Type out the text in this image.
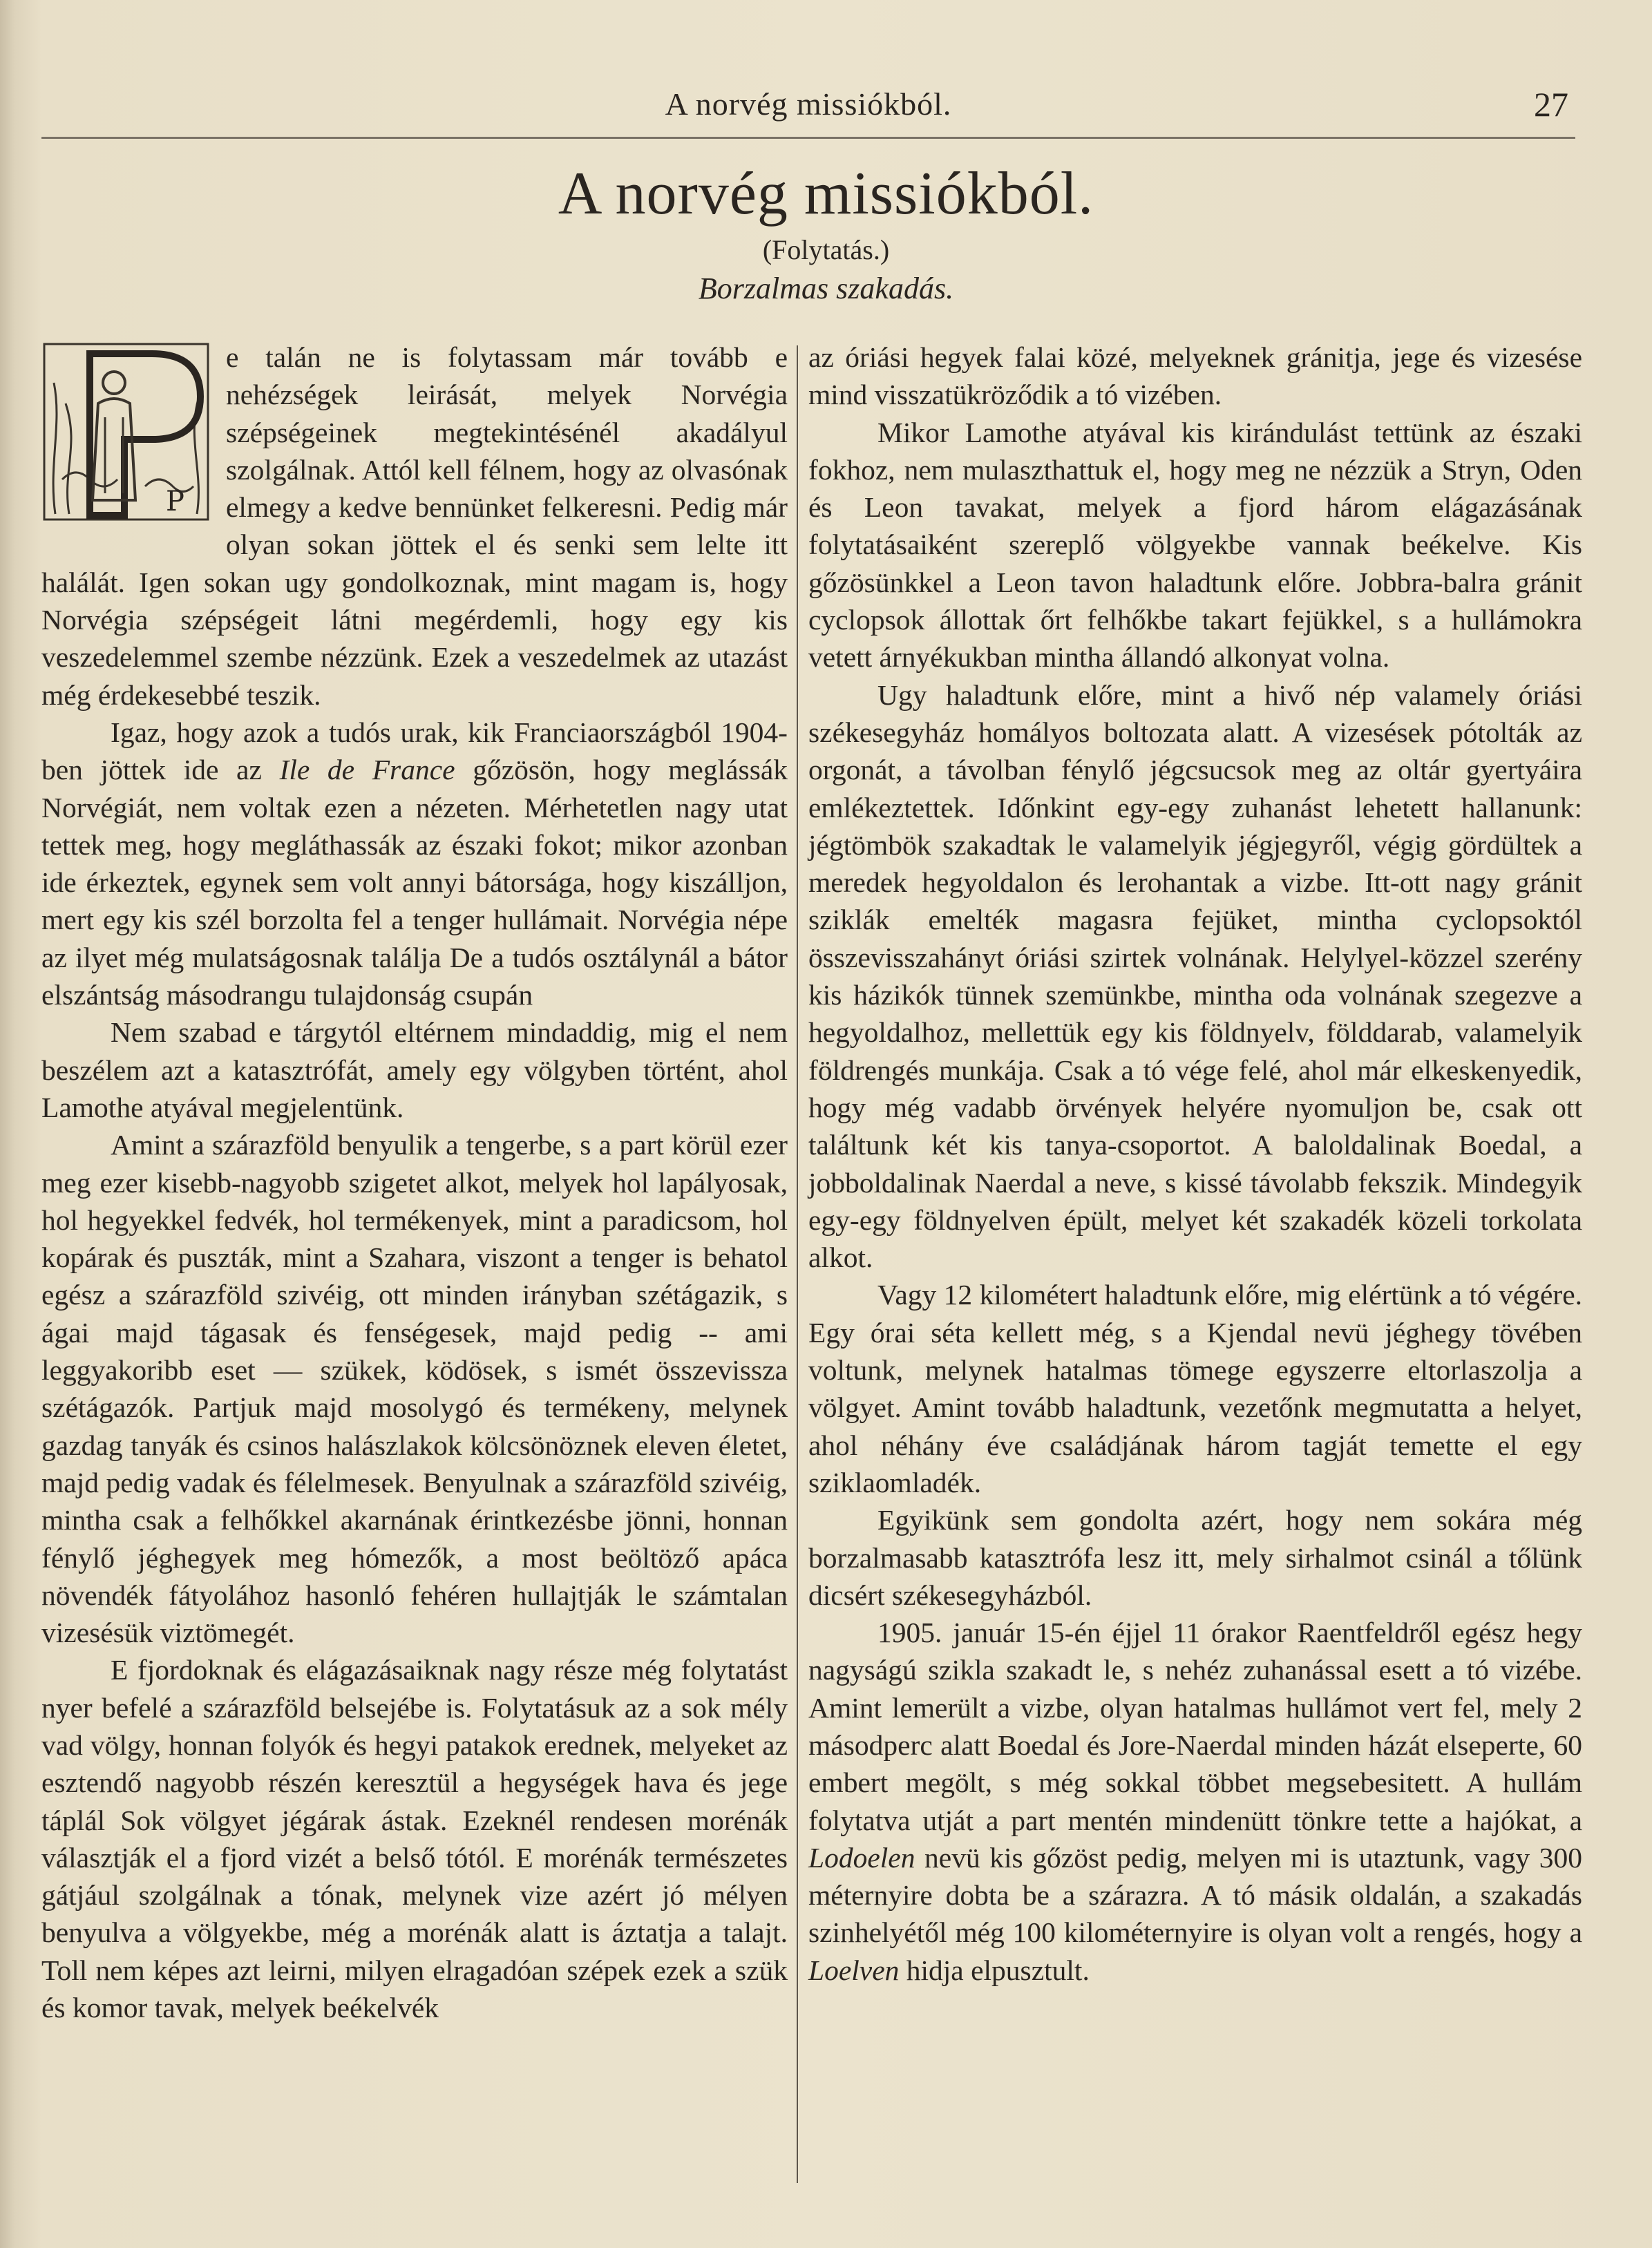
A norvég missiókból.	27
A norvég missiókból.
(Folytatás.)
Borzalmas szakadás.

P
e talán ne is folytassam már tovább e nehézségek leirását, melyek Norvégia szépségeinek megtekintésénél akadályul szolgálnak. Attól kell félnem, hogy az olvasónak elmegy a kedve bennünket felkeresni. Pedig már olyan sokan jöttek el és senki sem lelte itt halálát. Igen sokan ugy gondolkoznak, mint magam is, hogy Norvégia szépségeit látni megérdemli, hogy egy kis veszedelemmel szembe nézzünk. Ezek a veszedelmek az utazást még érdekesebbé teszik.

Igaz, hogy azok a tudós urak, kik Franciaországból 1904-ben jöttek ide az Ile de France gőzösön, hogy meglássák Norvégiát, nem voltak ezen a nézeten. Mérhetetlen nagy utat tettek meg, hogy megláthassák az északi fokot; mikor azonban ide érkeztek, egynek sem volt annyi bátorsága, hogy kiszálljon, mert egy kis szél borzolta fel a tenger hullámait. Norvégia népe az ilyet még mulatságosnak találja De a tudós osztálynál a bátor elszántság másodrangu tulajdonság csupán

Nem szabad e tárgytól eltérnem mindaddig, mig el nem beszélem azt a katasztrófát, amely egy völgyben történt, ahol Lamothe atyával megjelentünk.

Amint a szárazföld benyulik a tengerbe, s a part körül ezer meg ezer kisebb-nagyobb szigetet alkot, melyek hol lapályosak, hol hegyekkel fedvék, hol termékenyek, mint a paradicsom, hol kopárak és puszták, mint a Szahara, viszont a tenger is behatol egész a szárazföld szivéig, ott minden irányban szétágazik, s ágai majd tágasak és fenségesek, majd pedig -- ami leggyakoribb eset — szükek, ködösek, s ismét összevissza szétágazók. Partjuk majd mosolygó és termékeny, melynek gazdag tanyák és csinos halászlakok kölcsönöznek eleven életet, majd pedig vadak és félelmesek. Benyulnak a szárazföld szivéig, mintha csak a felhőkkel akarnának érintkezésbe jönni, honnan fénylő jéghegyek meg hómezők, a most beöltöző apáca növendék fátyolához hasonló fehéren hullajtják le számtalan vizesésük viztömegét.

E fjordoknak és elágazásaiknak nagy része még folytatást nyer befelé a szárazföld belsejébe is. Folytatásuk az a sok mély vad völgy, honnan folyók és hegyi patakok erednek, melyeket az esztendő nagyobb részén keresztül a hegységek hava és jege táplál Sok völgyet jégárak ástak. Ezeknél rendesen morénák választják el a fjord vizét a belső tótól. E morénák természetes gátjául szolgálnak a tónak, melynek vize azért jó mélyen benyulva a völgyekbe, még a morénák alatt is áztatja a talajt. Toll nem képes azt leirni, milyen elragadóan szépek ezek a szük és komor tavak, melyek beékelvék

az óriási hegyek falai közé, melyeknek gránitja, jege és vizesése mind visszatükröződik a tó vizében.

Mikor Lamothe atyával kis kirándulást tettünk az északi fokhoz, nem mulaszthattuk el, hogy meg ne nézzük a Stryn, Oden és Leon tavakat, melyek a fjord három elágazásának folytatásaiként szereplő völgyekbe vannak beékelve. Kis gőzösünkkel a Leon tavon haladtunk előre. Jobbra-balra gránit cyclopsok állottak őrt felhőkbe takart fejükkel, s a hullámokra vetett árnyékukban mintha állandó alkonyat volna.

Ugy haladtunk előre, mint a hivő nép valamely óriási székesegyház homályos boltozata alatt. A vizesések pótolták az orgonát, a távolban fénylő jégcsucsok meg az oltár gyertyáira emlékeztettek. Időnkint egy-egy zuhanást lehetett hallanunk: jégtömbök szakadtak le valamelyik jégjegyről, végig gördültek a meredek hegyoldalon és lerohantak a vizbe. Itt-ott nagy gránit sziklák emelték magasra fejüket, mintha cyclopsoktól összevisszahányt óriási szirtek volnának. Helylyel-közzel szerény kis házikók tünnek szemünkbe, mintha oda volnának szegezve a hegyoldalhoz, mellettük egy kis földnyelv, földdarab, valamelyik földrengés munkája. Csak a tó vége felé, ahol már elkeskenyedik, hogy még vadabb örvények helyére nyomuljon be, csak ott találtunk két kis tanya-csoportot. A baloldalinak Boedal, a jobboldalinak Naerdal a neve, s kissé távolabb fekszik. Mindegyik egy-egy földnyelven épült, melyet két szakadék közeli torkolata alkot.

Vagy 12 kilométert haladtunk előre, mig elértünk a tó végére. Egy órai séta kellett még, s a Kjendal nevü jéghegy tövében voltunk, melynek hatalmas tömege egyszerre eltorlaszolja a völgyet. Amint tovább haladtunk, vezetőnk megmutatta a helyet, ahol néhány éve családjának három tagját temette el egy sziklaomladék.

Egyikünk sem gondolta azért, hogy nem sokára még borzalmasabb katasztrófa lesz itt, mely sirhalmot csinál a tőlünk dicsért székesegyházból.

1905. január 15-én éjjel 11 órakor Raentfeldről egész hegy nagyságú szikla szakadt le, s nehéz zuhanással esett a tó vizébe. Amint lemerült a vizbe, olyan hatalmas hullámot vert fel, mely 2 másodperc alatt Boedal és Jore-Naerdal minden házát elseperte, 60 embert megölt, s még sokkal többet megsebesitett. A hullám folytatva utját a part mentén mindenütt tönkre tette a hajókat, a Lodoelen nevü kis gőzöst pedig, melyen mi is utaztunk, vagy 300 méternyire dobta be a szárazra. A tó másik oldalán, a szakadás szinhelyétől még 100 kilométernyire is olyan volt a rengés, hogy a Loelven hidja elpusztult.
